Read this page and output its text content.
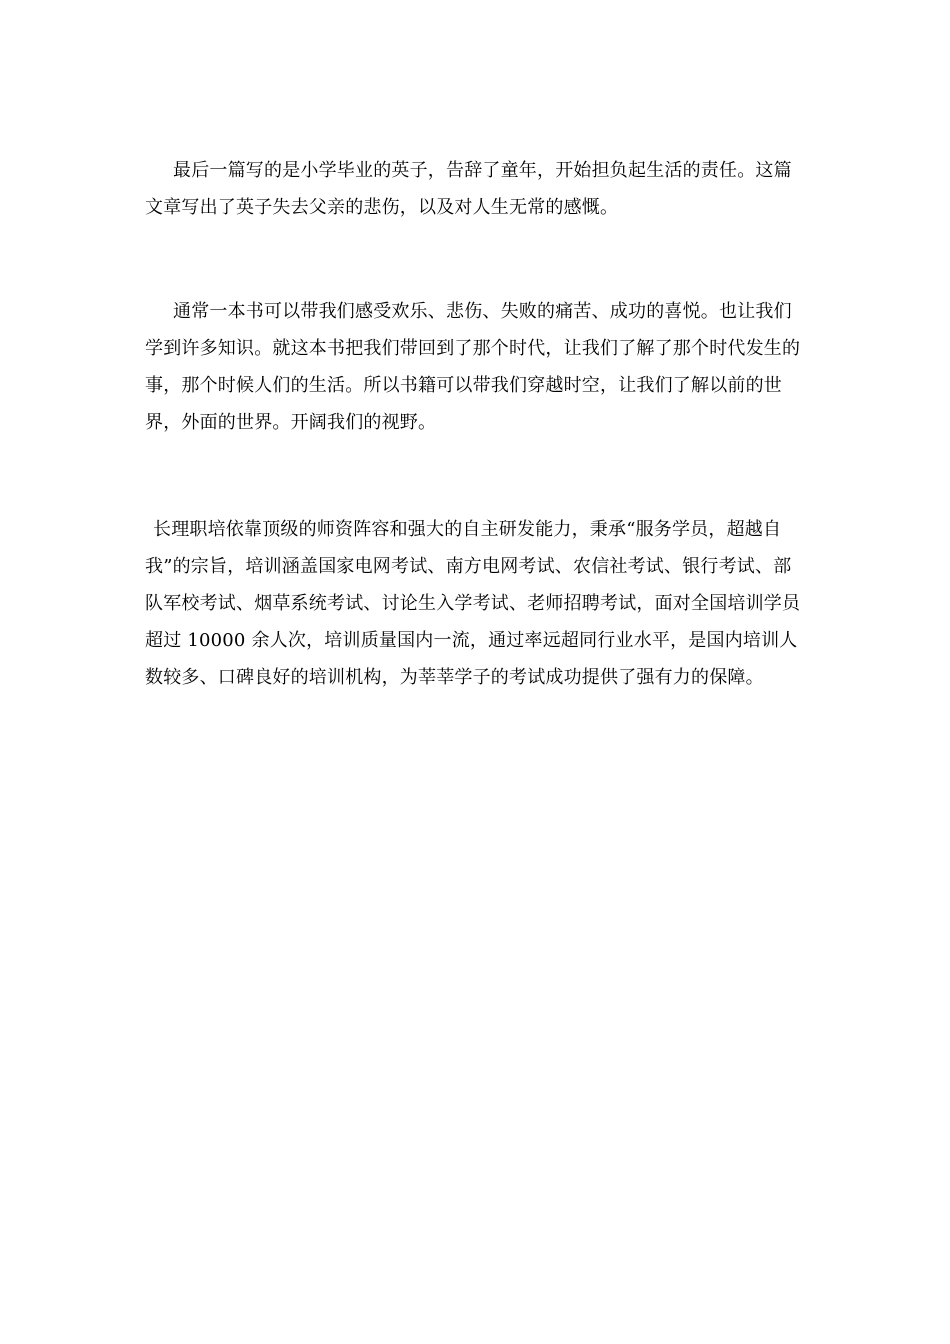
最后一篇写的是小学毕业的英子，告辞了童年，开始担负起生活的责任。这篇文章写出了英子失去父亲的悲伤，以及对人生无常的感慨。

通常一本书可以带我们感受欢乐、悲伤、失败的痛苦、成功的喜悦。也让我们学到许多知识。就这本书把我们带回到了那个时代，让我们了解了那个时代发生的事，那个时候人们的生活。所以书籍可以带我们穿越时空，让我们了解以前的世界，外面的世界。开阔我们的视野。

长理职培依靠顶级的师资阵容和强大的自主研发能力，秉承“服务学员，超越自我”的宗旨，培训涵盖国家电网考试、南方电网考试、农信社考试、银行考试、部队军校考试、烟草系统考试、讨论生入学考试、老师招聘考试，面对全国培训学员超过 10000 余人次，培训质量国内一流，通过率远超同行业水平，是国内培训人数较多、口碑良好的培训机构，为莘莘学子的考试成功提供了强有力的保障。
